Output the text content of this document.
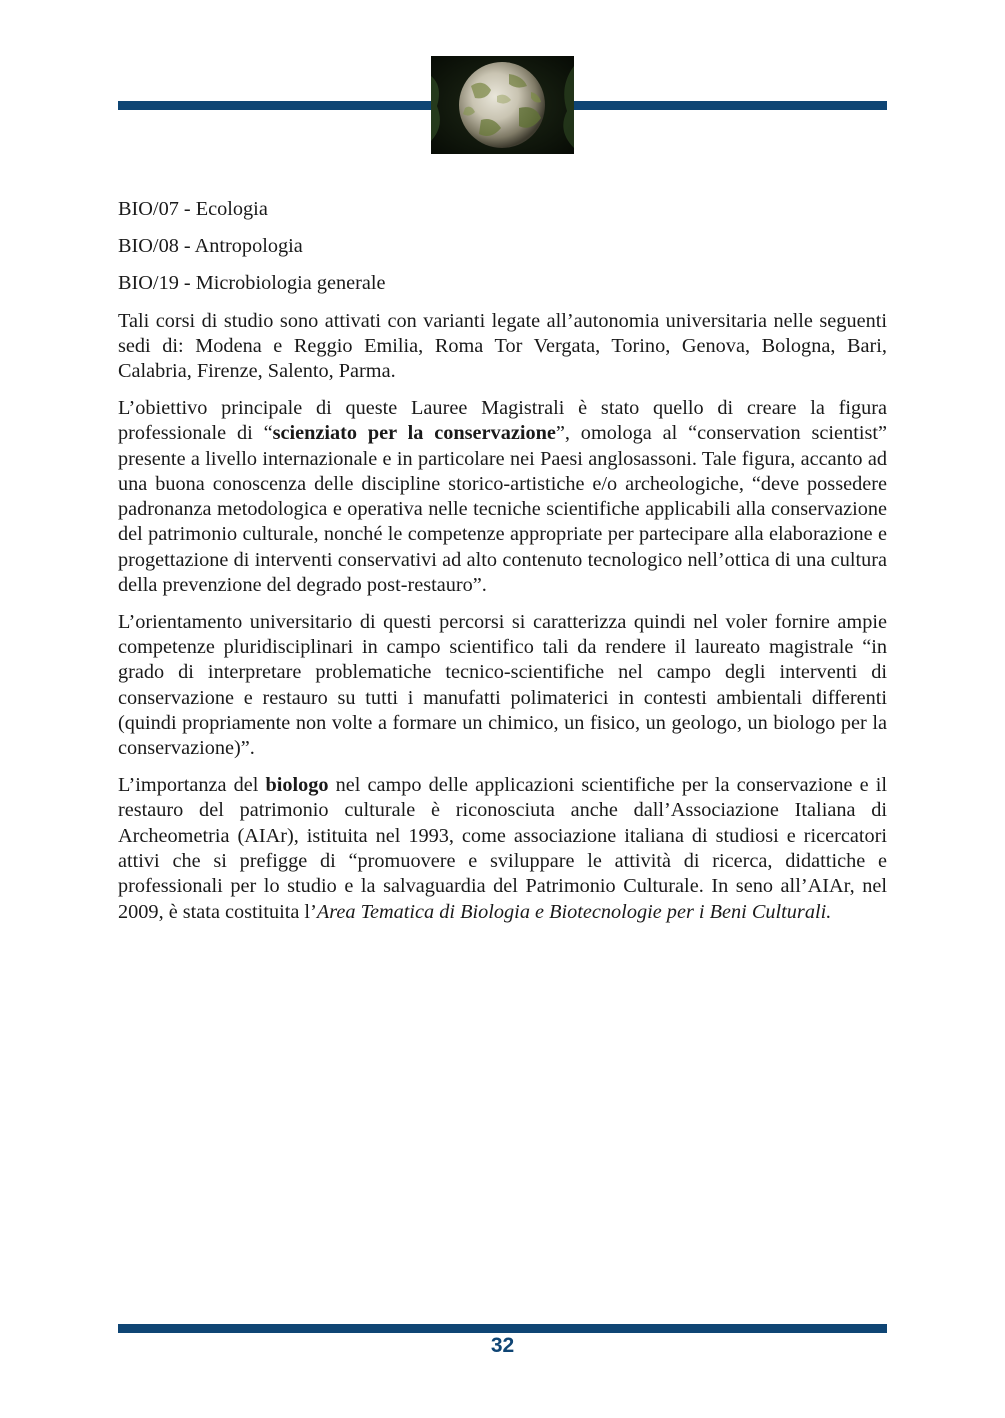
BIO/07 - Ecologia
BIO/08 - Antropologia
BIO/19 - Microbiologia generale

Tali corsi di studio sono attivati con varianti legate all’autonomia universitaria nelle seguenti sedi di: Modena e Reggio Emilia, Roma Tor Vergata, Torino, Genova, Bologna, Bari, Calabria, Firenze, Salento, Parma.

L’obiettivo principale di queste Lauree Magistrali è stato quello di creare la figura professionale di “scienziato per la conservazione”, omologa al “conservation scientist” presente a livello internazionale e in particolare nei Paesi anglosassoni. Tale figura, accanto ad una buona conoscenza delle discipline storico-artistiche e/o archeologiche, “deve possedere padronanza metodologica e operativa nelle tecniche scientifiche applicabili alla conservazione del patrimonio culturale, nonché le competenze appropriate per partecipare alla elaborazione e progettazione di interventi conservativi ad alto contenuto tecnologico nell’ottica di una cultura della prevenzione del degrado post-restauro”.

L’orientamento universitario di questi percorsi si caratterizza quindi nel voler fornire ampie competenze pluridisciplinari in campo scientifico tali da rendere il laureato magistrale “in grado di interpretare problematiche tecnico-scientifiche nel campo degli interventi di conservazione e restauro su tutti i manufatti polimaterici in contesti ambientali differenti (quindi propriamente non volte a formare un chimico, un fisico, un geologo, un biologo per la conservazione)”.

L’importanza del biologo nel campo delle applicazioni scientifiche per la conservazione e il restauro del patrimonio culturale è riconosciuta anche dall’Associazione Italiana di Archeometria (AIAr), istituita nel 1993, come associazione italiana di studiosi e ricercatori attivi che si prefigge di “promuovere e sviluppare le attività di ricerca, didattiche e professionali per lo studio e la salvaguardia del Patrimonio Culturale. In seno all’AIAr, nel 2009, è stata costituita l’Area Tematica di Biologia e Biotecnologie per i Beni Culturali.

32
